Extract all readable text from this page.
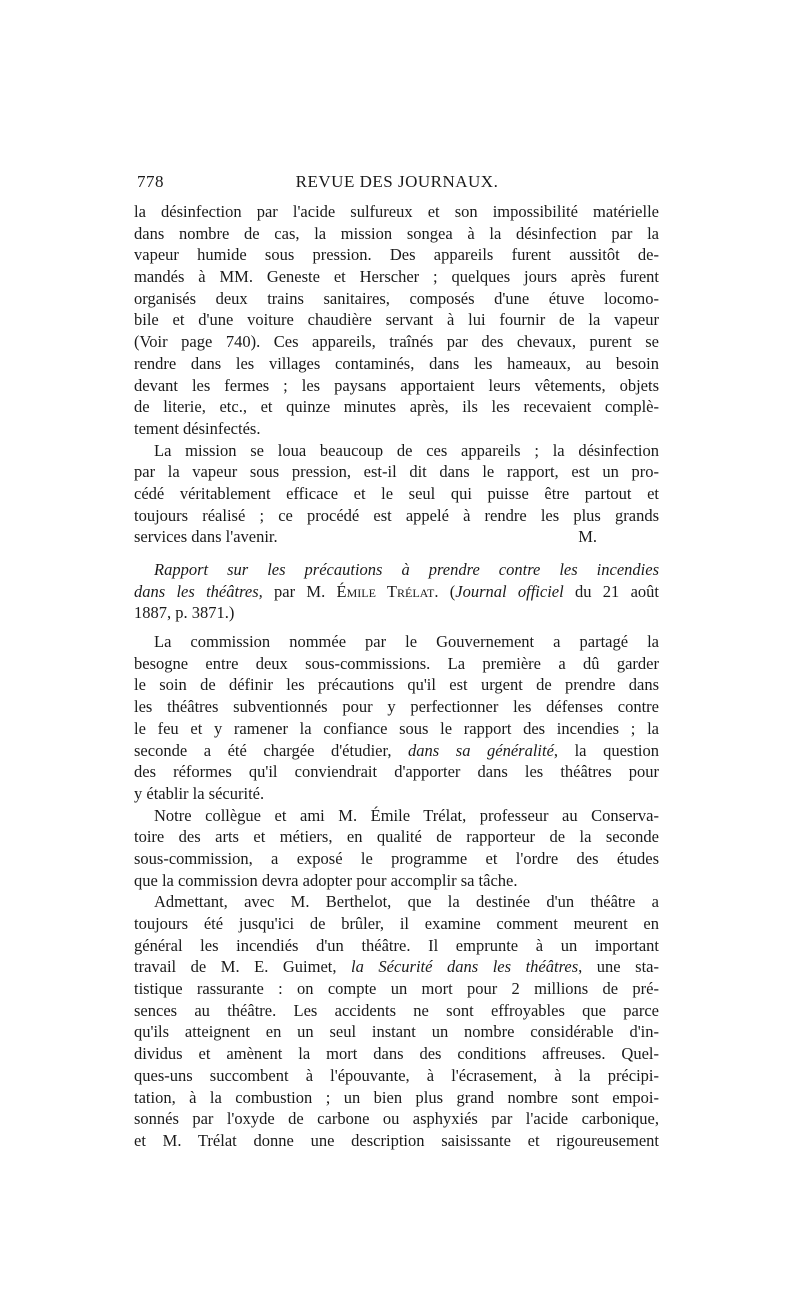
778	REVUE DES JOURNAUX.
la désinfection par l'acide sulfureux et son impossibilité matérielle
dans nombre de cas, la mission songea à la désinfection par la
vapeur humide sous pression. Des appareils furent aussitôt de-
mandés à MM. Geneste et Herscher ; quelques jours après furent
organisés deux trains sanitaires, composés d'une étuve locomo-
bile et d'une voiture chaudière servant à lui fournir de la vapeur
(Voir page 740). Ces appareils, traînés par des chevaux, purent se
rendre dans les villages contaminés, dans les hameaux, au besoin
devant les fermes ; les paysans apportaient leurs vêtements, objets
de literie, etc., et quinze minutes après, ils les recevaient complè-
tement désinfectés.
La mission se loua beaucoup de ces appareils ; la désinfection
par la vapeur sous pression, est-il dit dans le rapport, est un pro-
cédé véritablement efficace et le seul qui puisse être partout et
toujours réalisé ; ce procédé est appelé à rendre les plus grands
services dans l'avenir.	M.
Rapport sur les précautions à prendre contre les incendies
dans les théâtres, par M. Émile Trélat. (Journal officiel du 21 août
1887, p. 3871.)
La commission nommée par le Gouvernement a partagé la
besogne entre deux sous-commissions. La première a dû garder
le soin de définir les précautions qu'il est urgent de prendre dans
les théâtres subventionnés pour y perfectionner les défenses contre
le feu et y ramener la confiance sous le rapport des incendies ; la
seconde a été chargée d'étudier, dans sa généralité, la question
des réformes qu'il conviendrait d'apporter dans les théâtres pour
y établir la sécurité.
Notre collègue et ami M. Émile Trélat, professeur au Conserva-
toire des arts et métiers, en qualité de rapporteur de la seconde
sous-commission, a exposé le programme et l'ordre des études
que la commission devra adopter pour accomplir sa tâche.
Admettant, avec M. Berthelot, que la destinée d'un théâtre a
toujours été jusqu'ici de brûler, il examine comment meurent en
général les incendiés d'un théâtre. Il emprunte à un important
travail de M. E. Guimet, la Sécurité dans les théâtres, une sta-
tistique rassurante : on compte un mort pour 2 millions de pré-
sences au théâtre. Les accidents ne sont effroyables que parce
qu'ils atteignent en un seul instant un nombre considérable d'in-
dividus et amènent la mort dans des conditions affreuses. Quel-
ques-uns succombent à l'épouvante, à l'écrasement, à la précipi-
tation, à la combustion ; un bien plus grand nombre sont empoi-
sonnés par l'oxyde de carbone ou asphyxiés par l'acide carbonique,
et M. Trélat donne une description saisissante et rigoureusement
